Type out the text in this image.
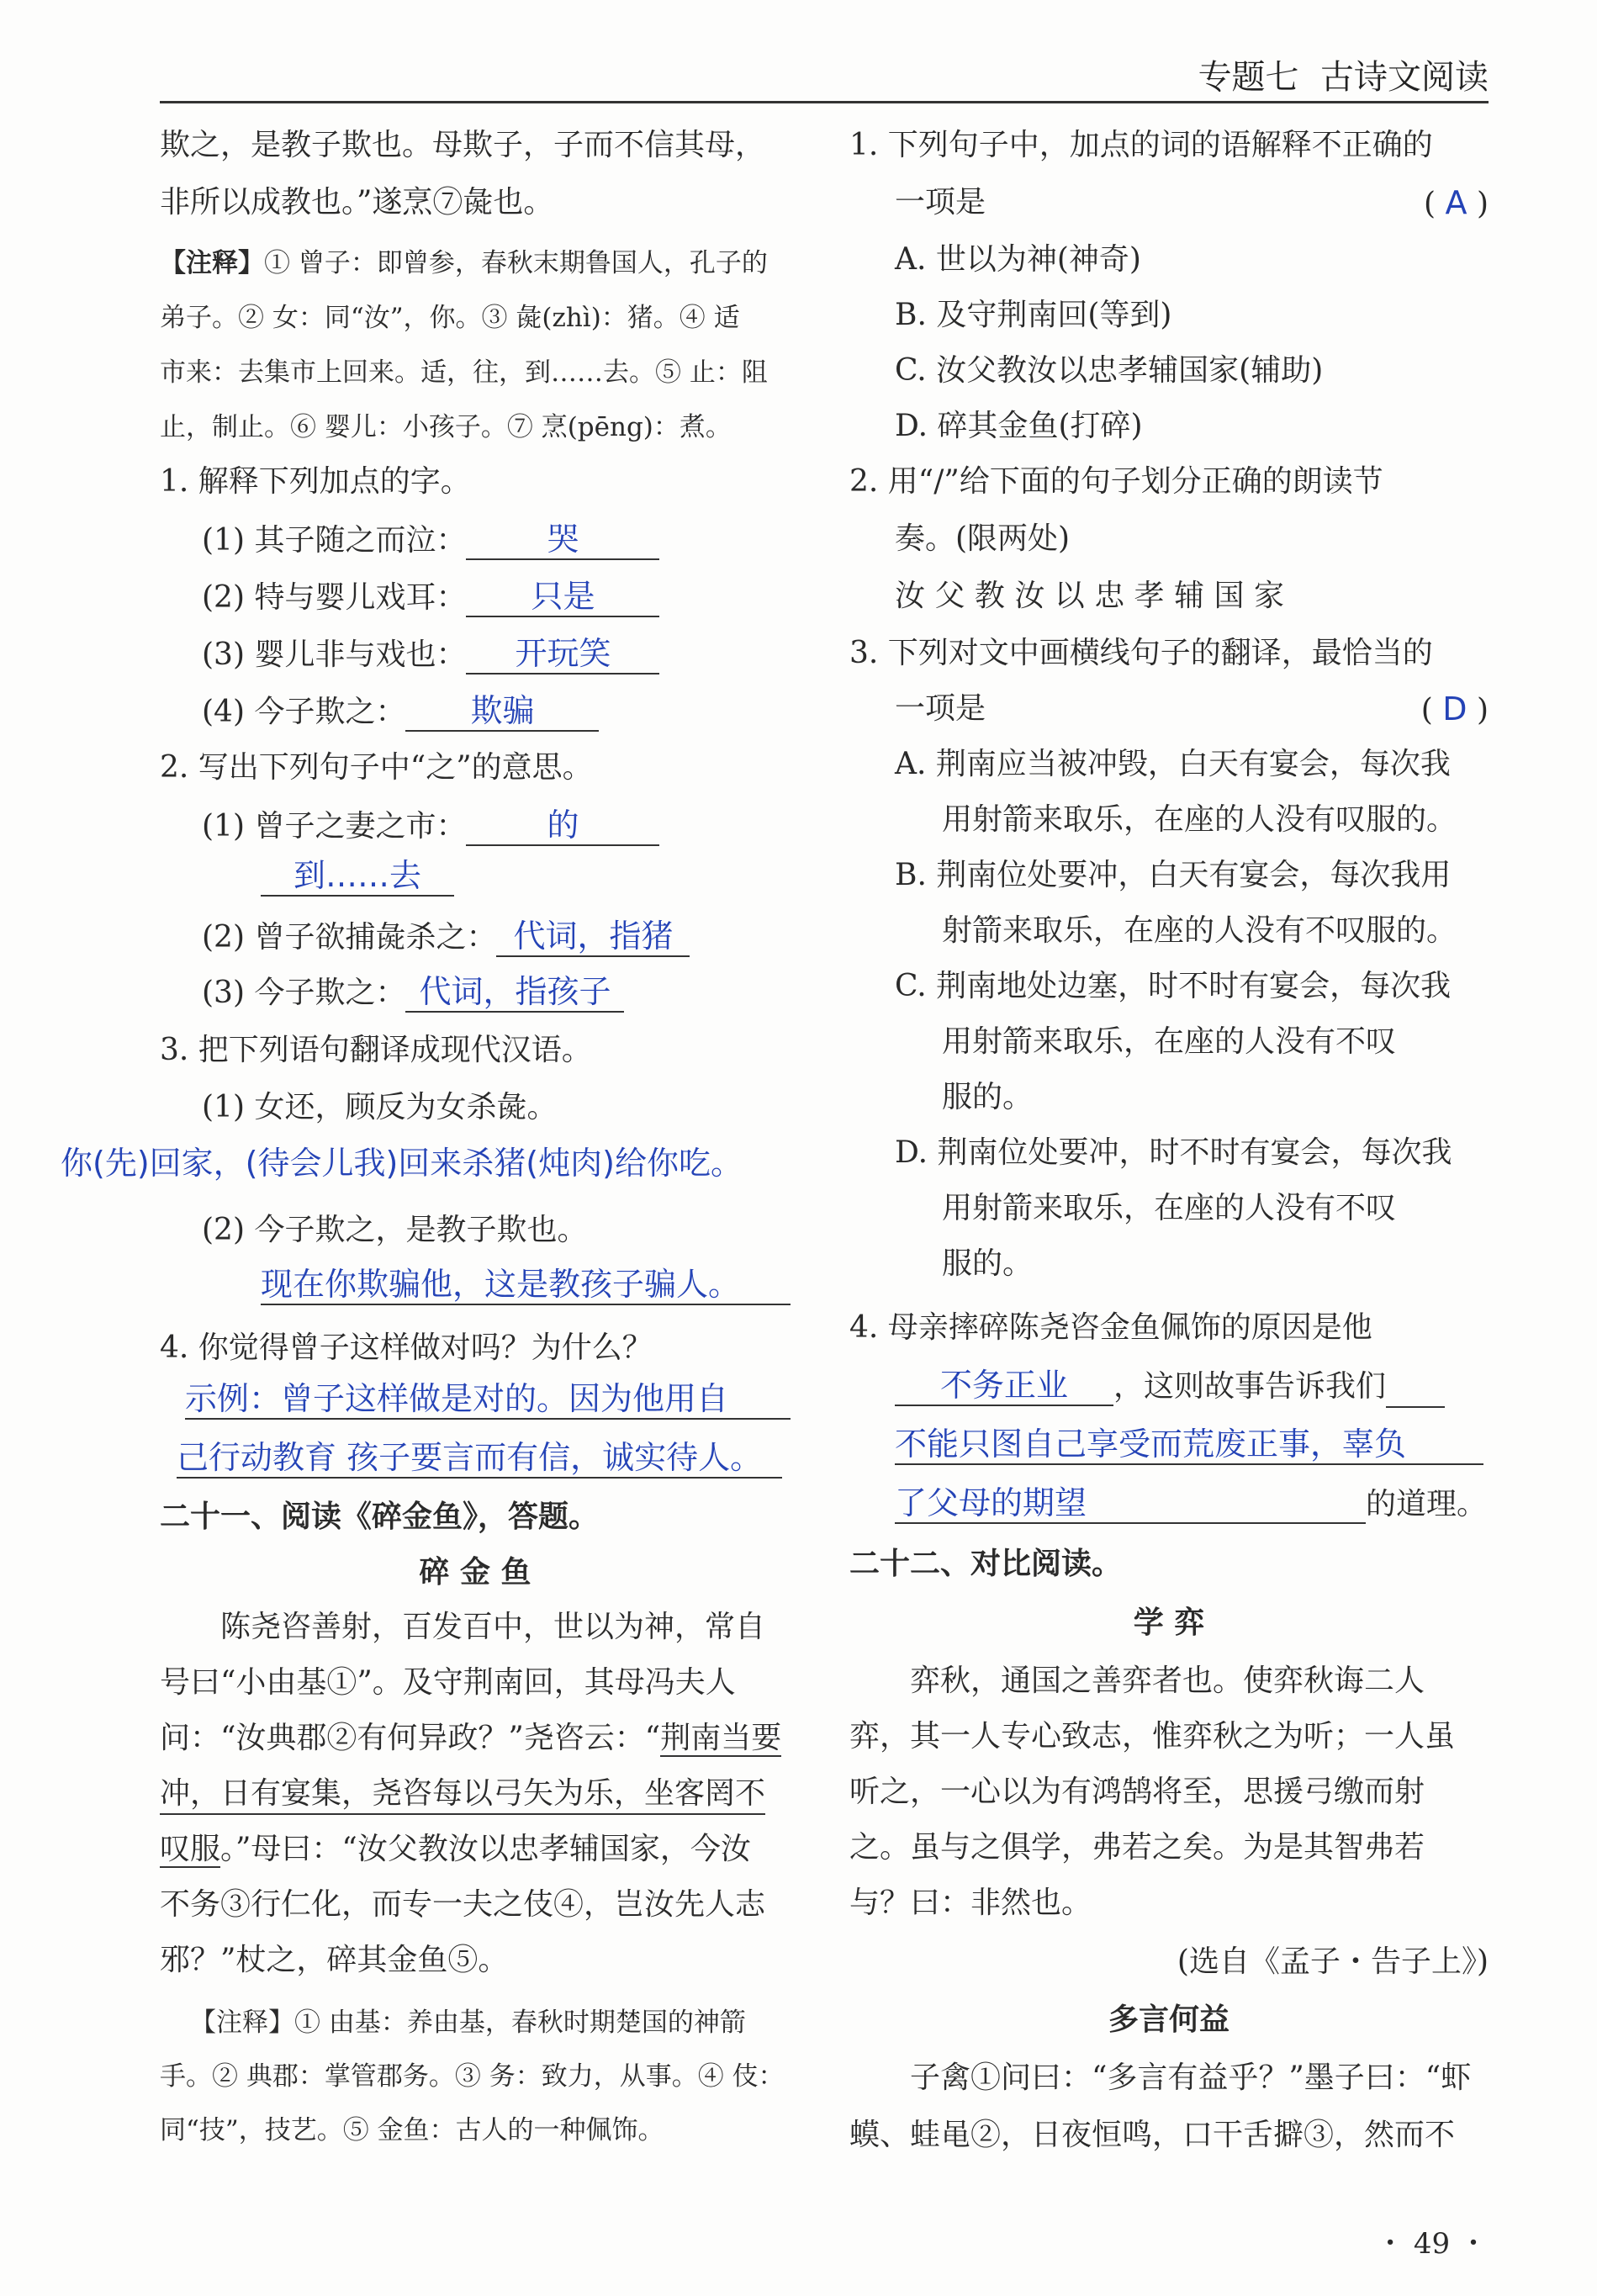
专题七 古诗文阅读
欺之，是教子欺也。母欺子，子而不信其母，
非所以成教也。”遂烹⑦彘也。
【注释】① 曾子：即曾参，春秋末期鲁国人，孔子的
弟子。② 女：同“汝”，你。③ 彘(zhì)：猪。④ 适
市来：去集市上回来。适，往，到……去。⑤ 止：阻
止，制止。⑥ 婴儿：小孩子。⑦ 烹(pēng)：煮。
1. 解释下列加点的字。
(1) 其子随之而泣：	哭
(2) 特与婴儿戏耳： 只是
(3) 婴儿非与戏也： 开玩笑
(4) 今子欺之： 欺骗
2. 写出下列句子中“之”的意思。
(1) 曾子之妻之市：	的
到……去
(2) 曾子欲捕彘杀之： 代词，指猪
(3) 今子欺之： 代词，指孩子
3. 把下列语句翻译成现代汉语。
(1) 女还，顾反为女杀彘。
你(先)回家，(待会儿我)回来杀猪(炖肉)给你吃。
(2) 今子欺之，是教子欺也。
现在你欺骗他，这是教孩子骗人。
4. 你觉得曾子这样做对吗？为什么？
示例：曾子这样做是对的。因为他用自
己行动教育 孩子要言而有信，诚实待人。
二十一、阅读《碎金鱼》，答题。
碎 金 鱼
陈尧咨善射，百发百中，世以为神，常自
号曰“小由基①”。及守荆南回，其母冯夫人
问：“汝典郡②有何异政？”尧咨云：“荆南当要
冲，日有宴集，尧咨每以弓矢为乐，坐客罔不
叹服。”母曰：“汝父教汝以忠孝辅国家，今汝
不务③行仁化，而专一夫之伎④，岂汝先人志
邪？”杖之，碎其金鱼⑤。
【注释】① 由基：养由基，春秋时期楚国的神箭
手。② 典郡：掌管郡务。③ 务：致力，从事。④ 伎：
同“技”，技艺。⑤ 金鱼：古人的一种佩饰。
1. 下列句子中，加点的词的语解释不正确的
一项是	( A )
A. 世以为神(神奇)
B. 及守荆南回(等到)
C. 汝父教汝以忠孝辅国家(辅助)
D. 碎其金鱼(打碎)
2. 用“/”给下面的句子划分正确的朗读节
奏。(限两处)
汝 父 教 汝 以 忠 孝 辅 国 家
3. 下列对文中画横线句子的翻译，最恰当的
一项是	( D )
A. 荆南应当被冲毁，白天有宴会，每次我
用射箭来取乐，在座的人没有叹服的。
B. 荆南位处要冲，白天有宴会，每次我用
射箭来取乐，在座的人没有不叹服的。
C. 荆南地处边塞，时不时有宴会，每次我
用射箭来取乐，在座的人没有不叹
服的。
D. 荆南位处要冲，时不时有宴会，每次我
用射箭来取乐，在座的人没有不叹
服的。
4. 母亲摔碎陈尧咨金鱼佩饰的原因是他
不务正业 ，这则故事告诉我们
不能只图自己享受而荒废正事，辜负
了父母的期望	的道理。
二十二、对比阅读。
学 弈
弈秋，通国之善弈者也。使弈秋诲二人
弈，其一人专心致志，惟弈秋之为听；一人虽
听之，一心以为有鸿鹄将至，思援弓缴而射
之。虽与之俱学，弗若之矣。为是其智弗若
与？曰：非然也。
(选自《孟子・告子上》)
多言何益
子禽①问曰：“多言有益乎？”墨子曰：“虾
蟆、蛙黾②，日夜恒鸣，口干舌擗③，然而不
・ 49 ・
